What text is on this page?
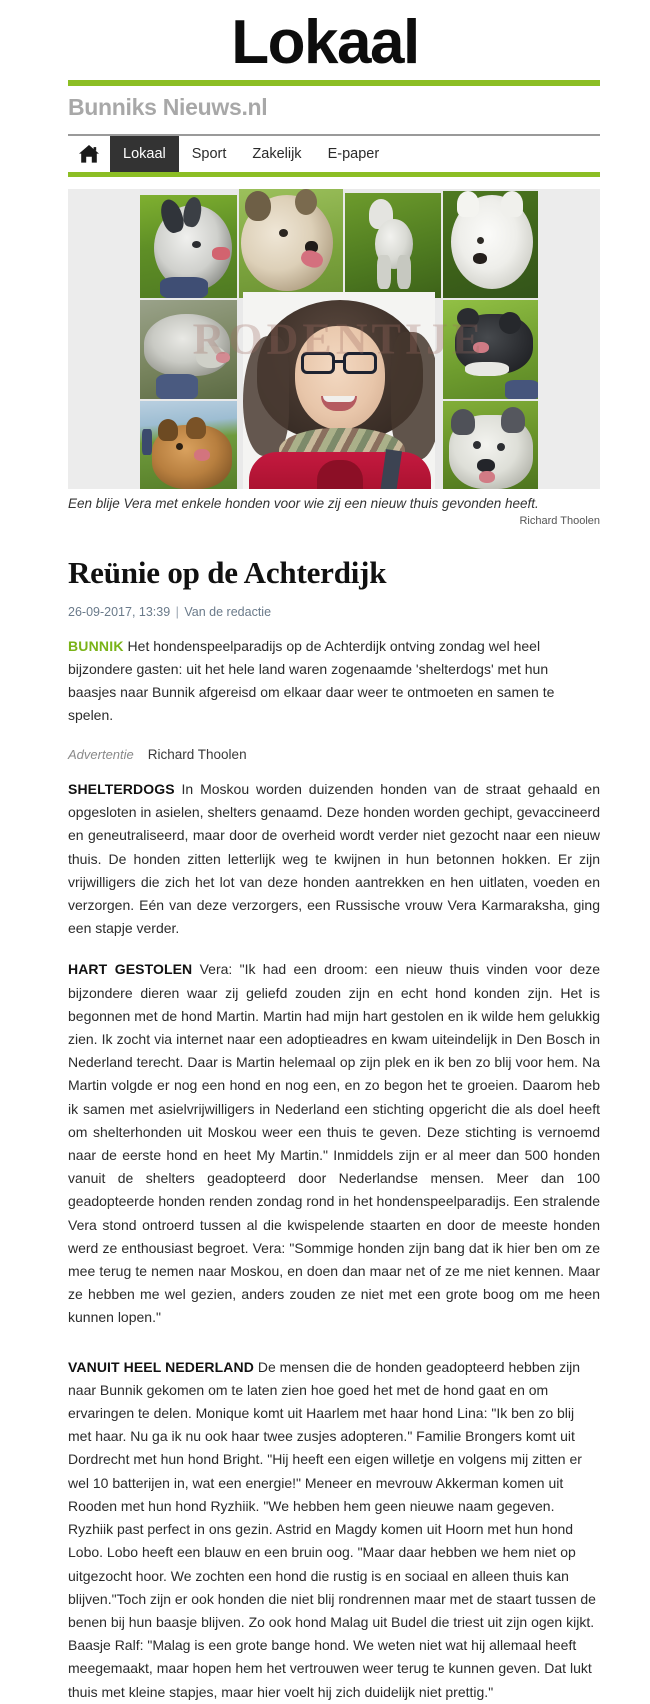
Lokaal
Bunniks Nieuws.nl
Lokaal	Sport	Zakelijk	E-paper
RODENTIJE
Een blije Vera met enkele honden voor wie zij een nieuw thuis gevonden heeft.
Richard Thoolen
Reünie op de Achterdijk
26-09-2017, 13:39 | Van de redactie

BUNNIK Het hondenspeelparadijs op de Achterdijk ontving zondag wel heel bijzondere gasten: uit het hele land waren zogenaamde 'shelterdogs' met hun baasjes naar Bunnik afgereisd om elkaar daar weer te ontmoeten en samen te spelen.

Advertentie Richard Thoolen

SHELTERDOGS In Moskou worden duizenden honden van de straat gehaald en opgesloten in asielen, shelters genaamd. Deze honden worden gechipt, gevaccineerd en geneutraliseerd, maar door de overheid wordt verder niet gezocht naar een nieuw thuis. De honden zitten letterlijk weg te kwijnen in hun betonnen hokken. Er zijn vrijwilligers die zich het lot van deze honden aantrekken en hen uitlaten, voeden en verzorgen. Eén van deze verzorgers, een Russische vrouw Vera Karmaraksha, ging een stapje verder.

HART GESTOLEN Vera: "Ik had een droom: een nieuw thuis vinden voor deze bijzondere dieren waar zij geliefd zouden zijn en echt hond konden zijn. Het is begonnen met de hond Martin. Martin had mijn hart gestolen en ik wilde hem gelukkig zien. Ik zocht via internet naar een adoptieadres en kwam uiteindelijk in Den Bosch in Nederland terecht. Daar is Martin helemaal op zijn plek en ik ben zo blij voor hem. Na Martin volgde er nog een hond en nog een, en zo begon het te groeien. Daarom heb ik samen met asielvrijwilligers in Nederland een stichting opgericht die als doel heeft om shelterhonden uit Moskou weer een thuis te geven. Deze stichting is vernoemd naar de eerste hond en heet My Martin." Inmiddels zijn er al meer dan 500 honden vanuit de shelters geadopteerd door Nederlandse mensen. Meer dan 100 geadopteerde honden renden zondag rond in het hondenspeelparadijs. Een stralende Vera stond ontroerd tussen al die kwispelende staarten en door de meeste honden werd ze enthousiast begroet. Vera: "Sommige honden zijn bang dat ik hier ben om ze mee terug te nemen naar Moskou, en doen dan maar net of ze me niet kennen. Maar ze hebben me wel gezien, anders zouden ze niet met een grote boog om me heen kunnen lopen."

VANUIT HEEL NEDERLAND De mensen die de honden geadopteerd hebben zijn naar Bunnik gekomen om te laten zien hoe goed het met de hond gaat en om ervaringen te delen. Monique komt uit Haarlem met haar hond Lina: "Ik ben zo blij met haar. Nu ga ik nu ook haar twee zusjes adopteren." Familie Brongers komt uit Dordrecht met hun hond Bright. "Hij heeft een eigen willetje en volgens mij zitten er wel 10 batterijen in, wat een energie!" Meneer en mevrouw Akkerman komen uit Rooden met hun hond Ryzhiik. "We hebben hem geen nieuwe naam gegeven. Ryzhiik past perfect in ons gezin. Astrid en Magdy komen uit Hoorn met hun hond Lobo. Lobo heeft een blauw en een bruin oog. "Maar daar hebben we hem niet op uitgezocht hoor. We zochten een hond die rustig is en sociaal en alleen thuis kan blijven."Toch zijn er ook honden die niet blij rondrennen maar met de staart tussen de benen bij hun baasje blijven. Zo ook hond Malag uit Budel die triest uit zijn ogen kijkt. Baasje Ralf: "Malag is een grote bange hond. We weten niet wat hij allemaal heeft meegemaakt, maar hopen hem het vertrouwen weer terug te kunnen geven. Dat lukt thuis met kleine stapjes, maar hier voelt hij zich duidelijk niet prettig."
